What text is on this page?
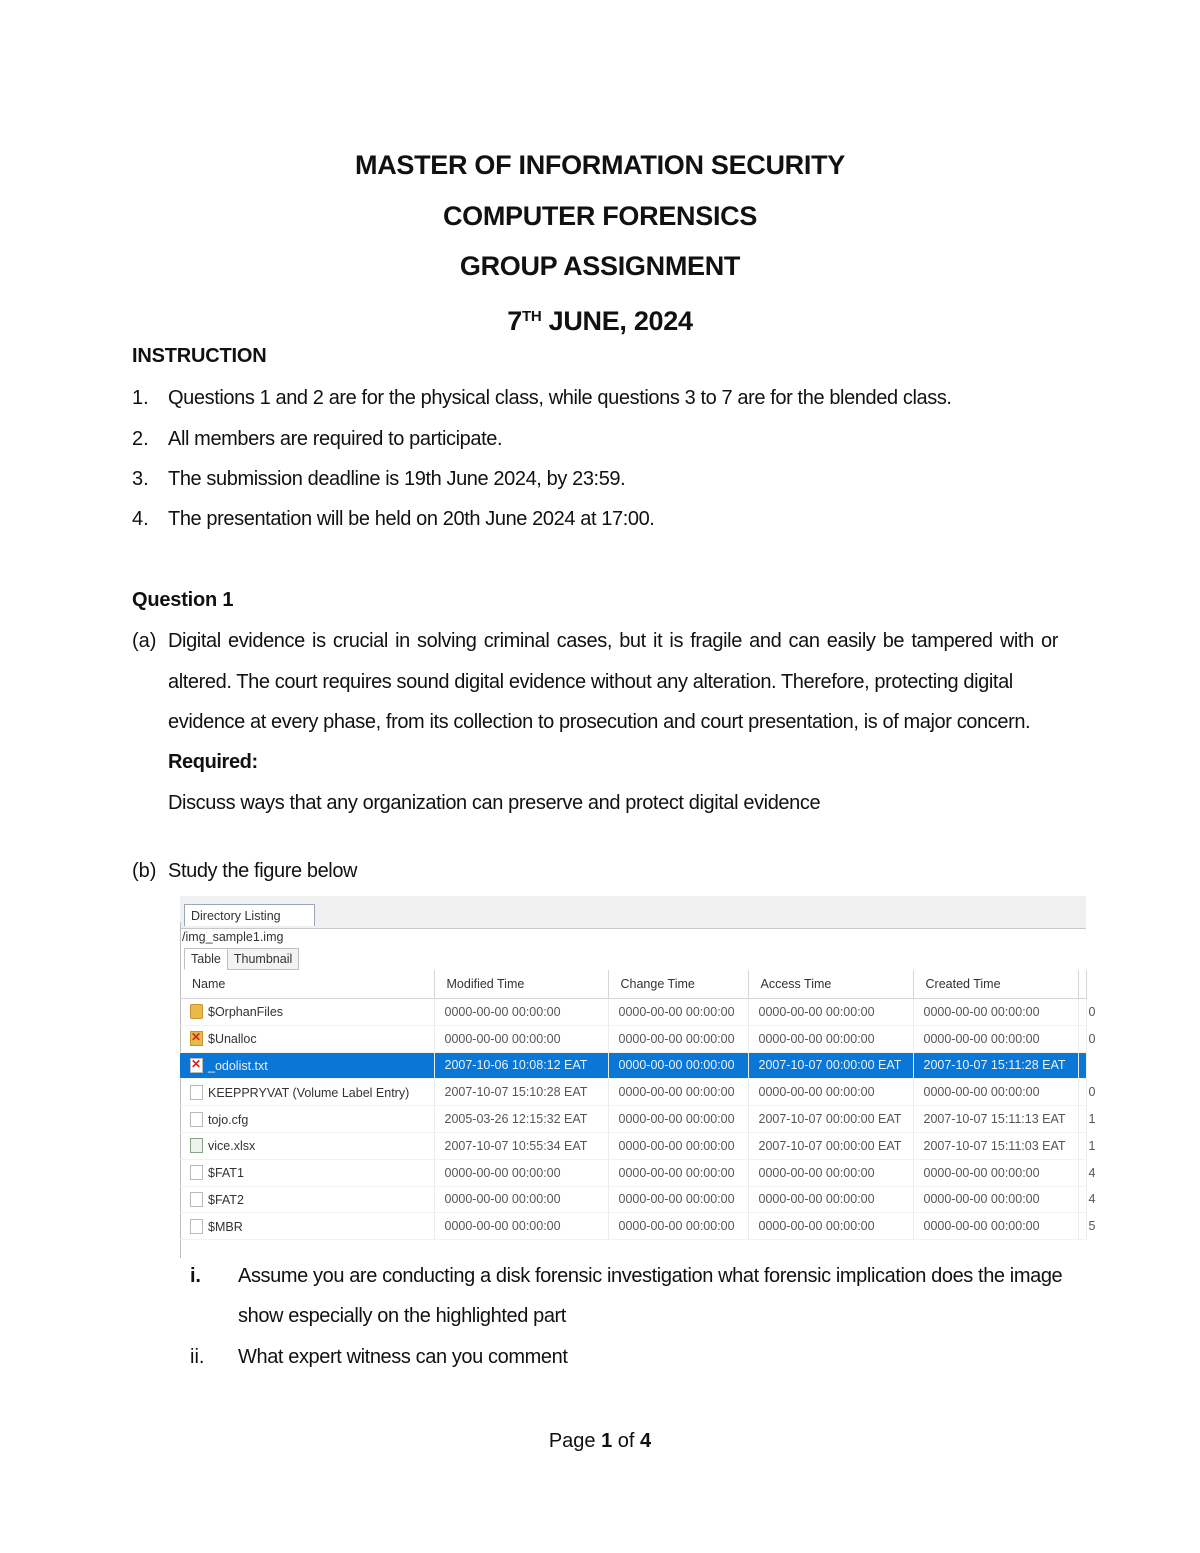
MASTER OF INFORMATION SECURITY
COMPUTER FORENSICS
GROUP ASSIGNMENT
7TH JUNE, 2024
INSTRUCTION
1. Questions 1 and 2 are for the physical class, while questions 3 to 7 are for the blended class.
2. All members are required to participate.
3. The submission deadline is 19th June 2024, by 23:59.
4. The presentation will be held on 20th June 2024 at 17:00.
Question 1
(a) Digital evidence is crucial in solving criminal cases, but it is fragile and can easily be tampered with or altered. The court requires sound digital evidence without any alteration. Therefore, protecting digital
evidence at every phase, from its collection to prosecution and court presentation, is of major concern.
Required:
Discuss ways that any organization can preserve and protect digital evidence
(b) Study the figure below
Directory Listing
/img_sample1.img
Table Thumbnail
Name	Modified Time	Change Time	Access Time	Created Time	
$OrphanFiles	0000-00-00 00:00:00	0000-00-00 00:00:00	0000-00-00 00:00:00	0000-00-00 00:00:00	0
✕$Unalloc	0000-00-00 00:00:00	0000-00-00 00:00:00	0000-00-00 00:00:00	0000-00-00 00:00:00	0
✕_odolist.txt	2007-10-06 10:08:12 EAT	0000-00-00 00:00:00	2007-10-07 00:00:00 EAT	2007-10-07 15:11:28 EAT	
KEEPPRYVAT (Volume Label Entry)	2007-10-07 15:10:28 EAT	0000-00-00 00:00:00	0000-00-00 00:00:00	0000-00-00 00:00:00	0
tojo.cfg	2005-03-26 12:15:32 EAT	0000-00-00 00:00:00	2007-10-07 00:00:00 EAT	2007-10-07 15:11:13 EAT	1
vice.xlsx	2007-10-07 10:55:34 EAT	0000-00-00 00:00:00	2007-10-07 00:00:00 EAT	2007-10-07 15:11:03 EAT	1
$FAT1	0000-00-00 00:00:00	0000-00-00 00:00:00	0000-00-00 00:00:00	0000-00-00 00:00:00	4
$FAT2	0000-00-00 00:00:00	0000-00-00 00:00:00	0000-00-00 00:00:00	0000-00-00 00:00:00	4
$MBR	0000-00-00 00:00:00	0000-00-00 00:00:00	0000-00-00 00:00:00	0000-00-00 00:00:00	5
i. Assume you are conducting a disk forensic investigation what forensic implication does the image show especially on the highlighted part
ii. What expert witness can you comment
Page 1 of 4
